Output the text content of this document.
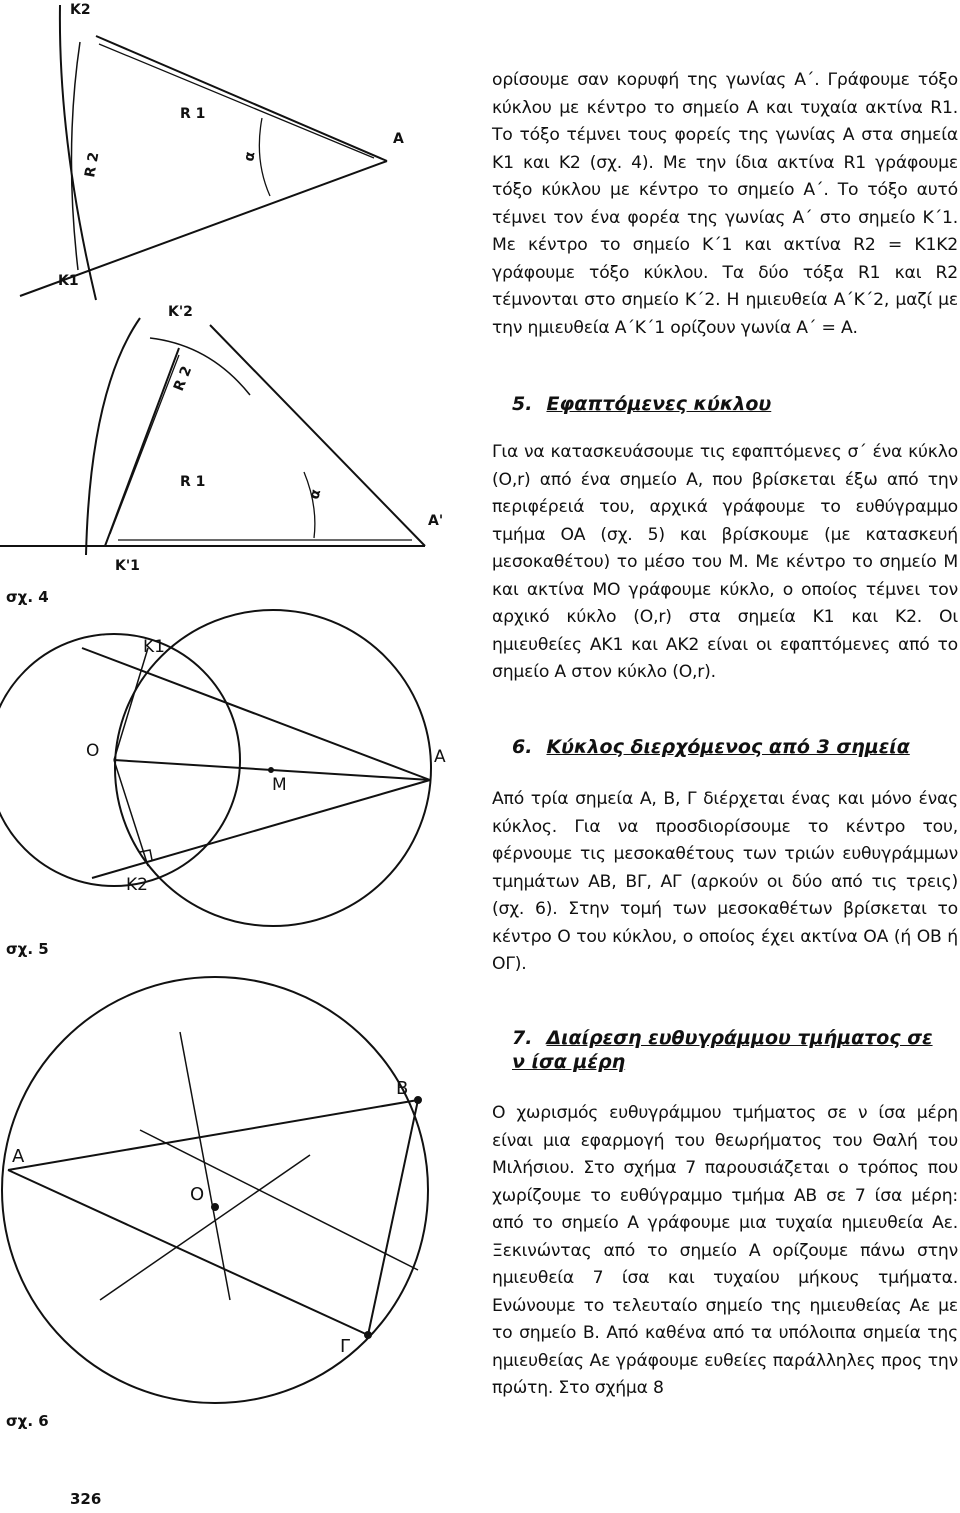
K2
K1
A
R 1
R 2	α
K'2
K'1
A'
R 1
R 2
α
O
M
A
K1
K2
A
B
Γ
O

ορίσουμε σαν κορυφή της γωνίας Α΄. Γράφουμε τόξο κύκλου με κέντρο το σημείο Α και τυχαία ακτίνα R1. Το τόξο τέμνει τους φορείς της γωνίας Α στα σημεία Κ1 και Κ2 (σχ. 4). Με την ίδια ακτίνα R1 γράφουμε τόξο κύκλου με κέντρο το σημείο Α΄. Το τόξο αυτό τέμνει τον ένα φορέα της γωνίας Α΄ στο σημείο Κ΄1. Με κέντρο το σημείο Κ΄1 και ακτίνα R2 = Κ1Κ2 γράφουμε τόξο κύκλου. Τα δύο τόξα R1 και R2 τέμνονται στο σημείο Κ΄2. Η ημιευθεία Α΄Κ΄2, μαζί με την ημιευθεία Α΄Κ΄1 ορίζουν γωνία Α΄ = Α.

5. Εφαπτόμενες κύκλου

Για να κατασκευάσουμε τις εφαπτόμενες σ΄ ένα κύκλο (Ο,r) από ένα σημείο Α, που βρίσκεται έξω από την περιφέρειά του, αρχικά γράφουμε το ευθύγραμμο τμήμα ΟΑ (σχ. 5) και βρίσκουμε (με κατασκευή μεσοκαθέτου) το μέσο του Μ. Με κέντρο το σημείο Μ και ακτίνα ΜΟ γράφουμε κύκλο, ο οποίος τέμνει τον αρχικό κύκλο (Ο,r) στα σημεία Κ1 και Κ2. Οι ημιευθείες ΑΚ1 και ΑΚ2 είναι οι εφαπτόμενες από το σημείο Α στον κύκλο (Ο,r).

6. Κύκλος διερχόμενος από 3 σημεία

Από τρία σημεία Α, Β, Γ διέρχεται ένας και μόνο ένας κύκλος. Για να προσδιορίσουμε το κέντρο του, φέρνουμε τις μεσοκαθέτους των τριών ευθυγράμμων τμημάτων ΑΒ, ΒΓ, ΑΓ (αρκούν οι δύο από τις τρεις) (σχ. 6). Στην τομή των μεσοκαθέτων βρίσκεται το κέντρο Ο του κύκλου, ο οποίος έχει ακτίνα ΟΑ (ή ΟΒ ή ΟΓ).

7. Διαίρεση ευθυγράμμου τμήματος σε
ν ίσα μέρη

Ο χωρισμός ευθυγράμμου τμήματος σε ν ίσα μέρη είναι μια εφαρμογή του θεωρήματος του Θαλή του Μιλήσιου. Στο σχήμα 7 παρουσιάζεται ο τρόπος που χωρίζουμε το ευθύγραμμο τμήμα ΑΒ σε 7 ίσα μέρη: από το σημείο Α γράφουμε μια τυχαία ημιευθεία Αε. Ξεκινώντας από το σημείο Α ορίζουμε πάνω στην ημιευθεία 7 ίσα και τυχαίου μήκους τμήματα. Ενώνουμε το τελευταίο σημείο της ημιευθείας Αε με το σημείο Β. Από καθένα από τα υπόλοιπα σημεία της ημιευθείας Αε γράφουμε ευθείες παράλληλες προς την πρώτη. Στο σχήμα 8

σχ. 4
σχ. 5
σχ. 6
326
